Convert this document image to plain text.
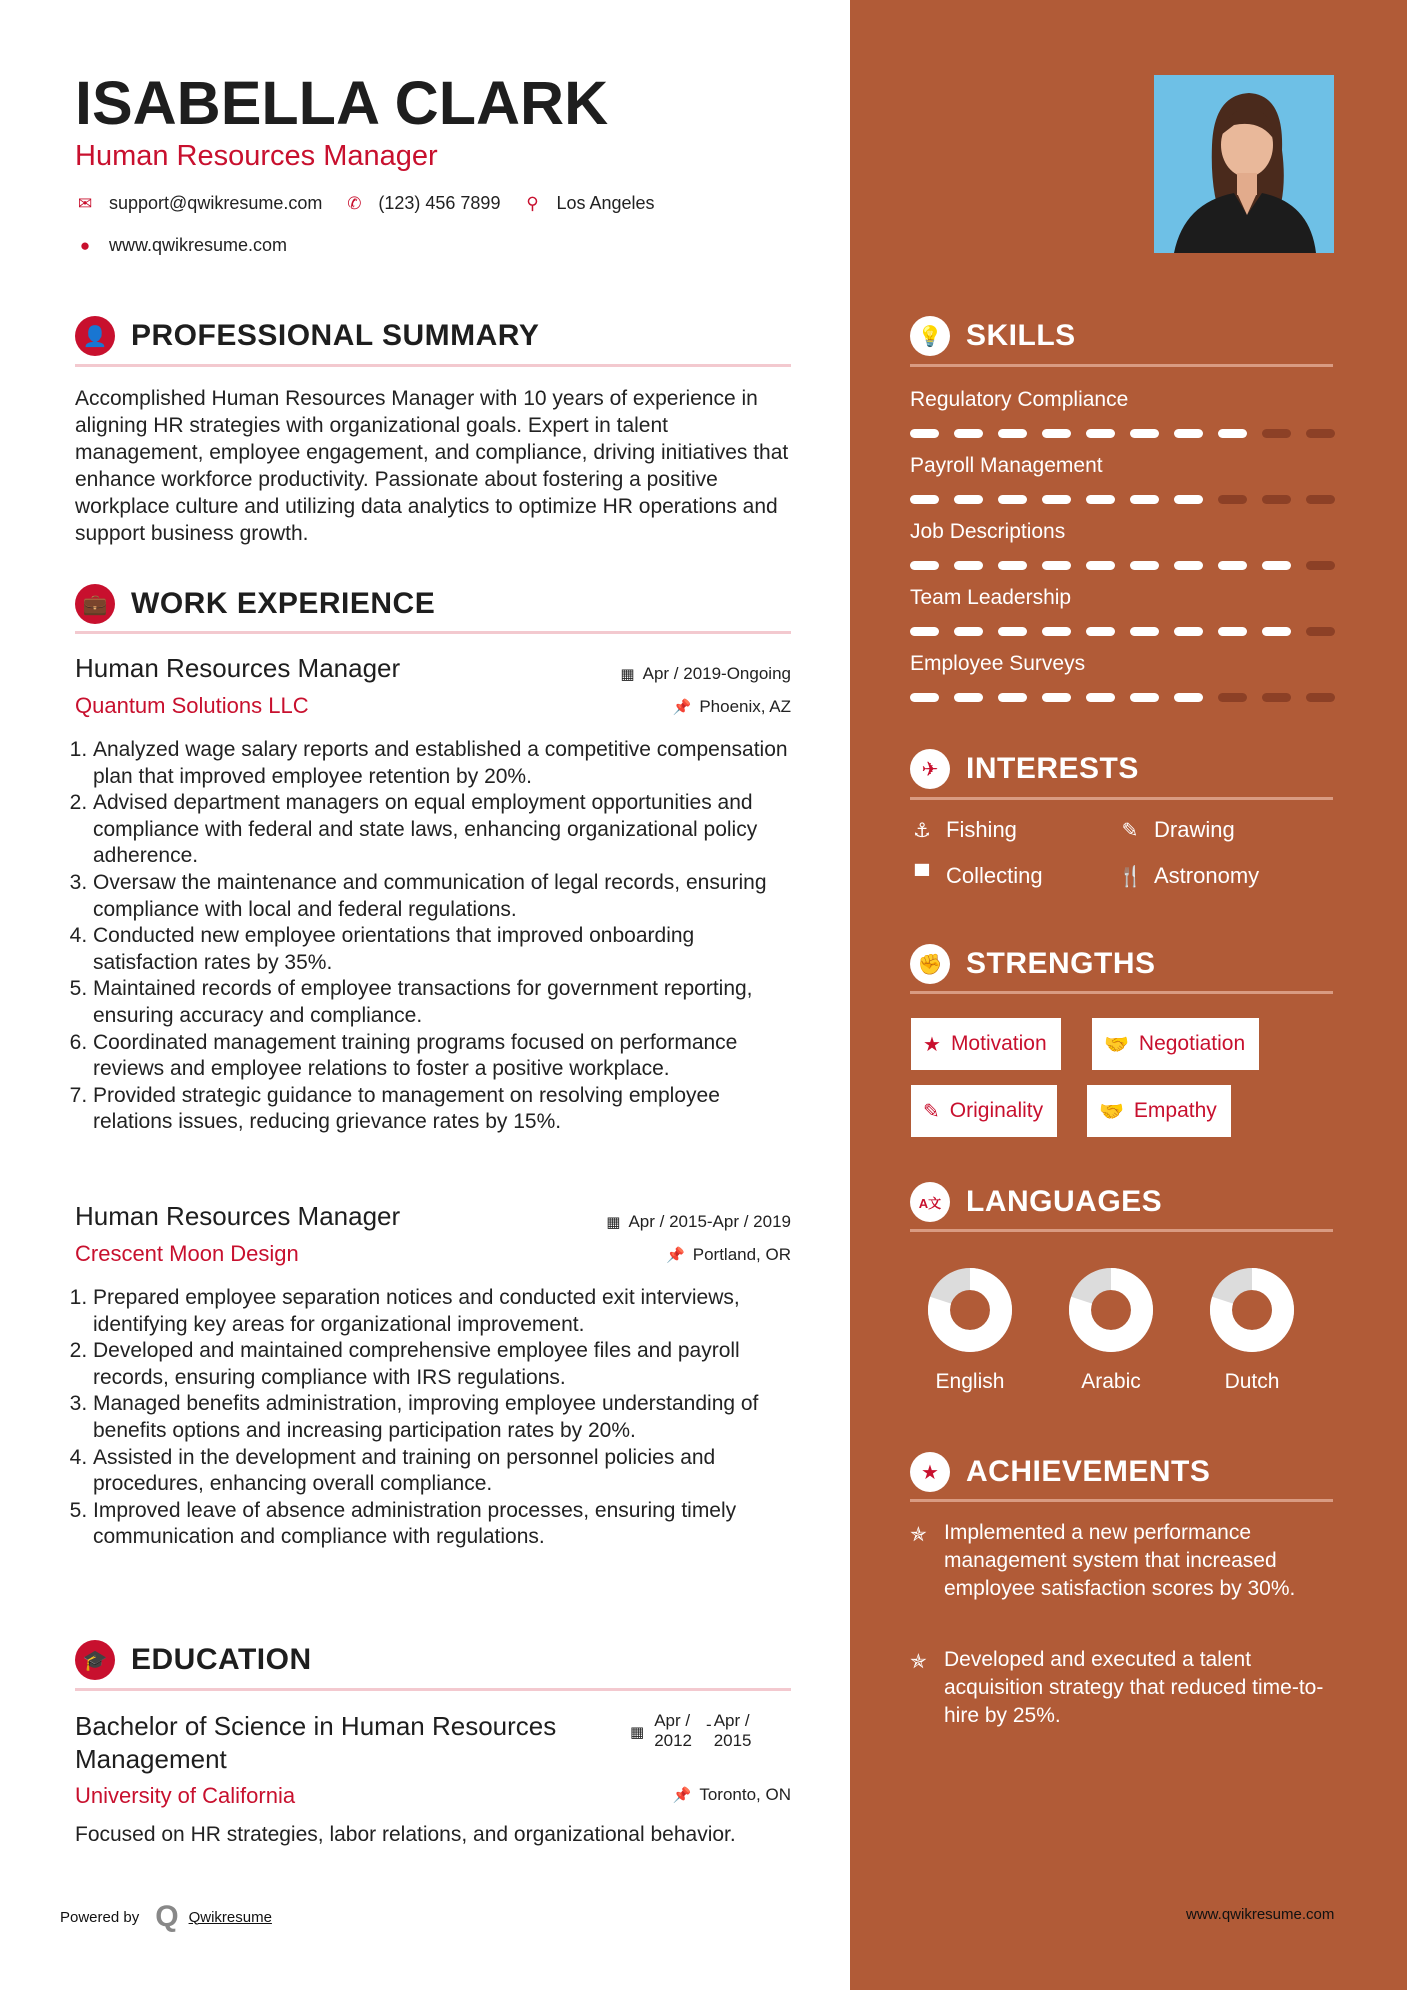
ISABELLA CLARK
Human Resources Manager
✉ support@qwikresume.com ✆ (123) 456 7899 ⚲ Los Angeles
● www.qwikresume.com
👤 PROFESSIONAL SUMMARY
Accomplished Human Resources Manager with 10 years of experience in aligning HR strategies with organizational goals. Expert in talent management, employee engagement, and compliance, driving initiatives that enhance workforce productivity. Passionate about fostering a positive workplace culture and utilizing data analytics to optimize HR operations and support business growth.
💼 WORK EXPERIENCE
Human Resources Manager	▦ Apr / 2019-Ongoing
Quantum Solutions LLC	📌 Phoenix, AZ
1. Analyzed wage salary reports and established a competitive compensation plan that improved employee retention by 20%.
2. Advised department managers on equal employment opportunities and compliance with federal and state laws, enhancing organizational policy adherence.
3. Oversaw the maintenance and communication of legal records, ensuring compliance with local and federal regulations.
4. Conducted new employee orientations that improved onboarding satisfaction rates by 35%.
5. Maintained records of employee transactions for government reporting, ensuring accuracy and compliance.
6. Coordinated management training programs focused on performance reviews and employee relations to foster a positive workplace.
7. Provided strategic guidance to management on resolving employee relations issues, reducing grievance rates by 15%.
Human Resources Manager	▦ Apr / 2015-Apr / 2019
Crescent Moon Design	📌 Portland, OR
1. Prepared employee separation notices and conducted exit interviews, identifying key areas for organizational improvement.
2. Developed and maintained comprehensive employee files and payroll records, ensuring compliance with IRS regulations.
3. Managed benefits administration, improving employee understanding of benefits options and increasing participation rates by 20%.
4. Assisted in the development and training on personnel policies and procedures, enhancing overall compliance.
5. Improved leave of absence administration processes, ensuring timely communication and compliance with regulations.
🎓 EDUCATION
Bachelor of Science in Human Resources
Management
▦
Apr /
2012
- Apr /
2015
University of California	📌 Toronto, ON
Focused on HR strategies, labor relations, and organizational behavior.
Powered by Q Qwikresume	www.qwikresume.com
💡 SKILLS
Regulatory Compliance
Payroll Management
Job Descriptions
Team Leadership
Employee Surveys
✈ INTERESTS
⚓ Fishing	✎ Drawing
▀ Collecting	🍴 Astronomy
✊ STRENGTHS
★ Motivation	🤝 Negotiation
✎ Originality	🤝 Empathy
A文 LANGUAGES
English	Arabic	Dutch
★ ACHIEVEMENTS
✯ Implemented a new performance management system that increased employee satisfaction scores by 30%.
✯ Developed and executed a talent acquisition strategy that reduced time-to-hire by 25%.
